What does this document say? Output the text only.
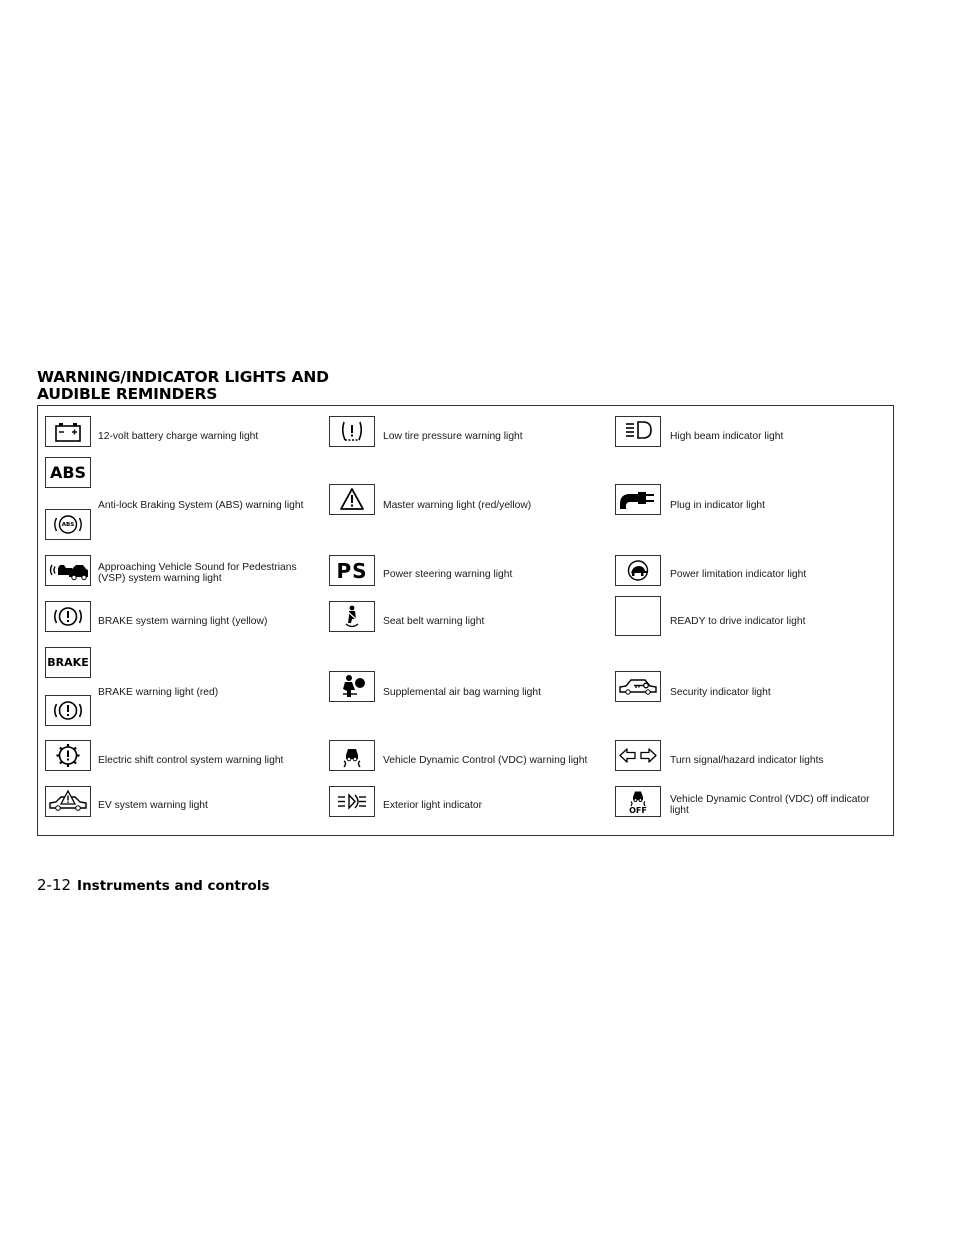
WARNING/INDICATOR LIGHTS AND
AUDIBLE REMINDERS
12-volt battery charge warning light
ABS
ABS
Anti-lock Braking System (ABS) warning light
Approaching Vehicle Sound for Pedestrians
(VSP) system warning light
BRAKE system warning light (yellow)
BRAKE
BRAKE warning light (red)
Electric shift control system warning light
EV system warning light
Low tire pressure warning light
Master warning light (red/yellow)
PS	Power steering warning light
Seat belt warning light
Supplemental air bag warning light
Vehicle Dynamic Control (VDC) warning light
Exterior light indicator
High beam indicator light
Plug in indicator light
Power limitation indicator light
READY to drive indicator light
Security indicator light
Turn signal/hazard indicator lights
OFF
Vehicle Dynamic Control (VDC) off indicator
light
2-12 Instruments and controls
